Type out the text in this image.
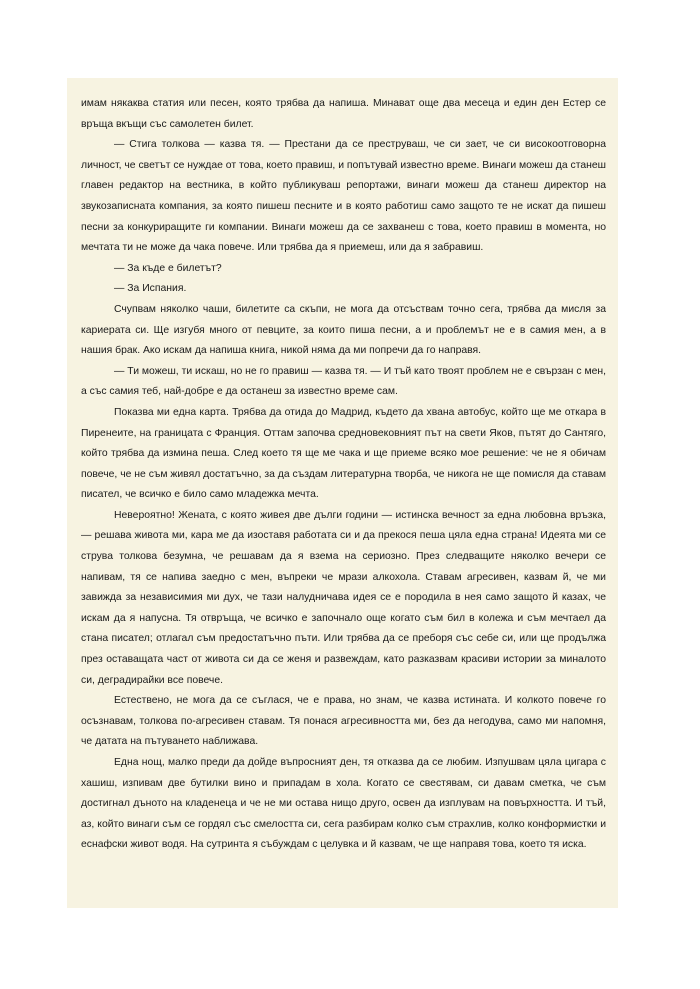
имам някаква статия или песен, която трябва да напиша. Минават още два месеца и един ден Естер се връща вкъщи със самолетен билет.

— Стига толкова — казва тя. — Престани да се преструваш, че си зает, че си високоотговорна личност, че светът се нуждае от това, което правиш, и попътувай известно време. Винаги можеш да станеш главен редактор на вестника, в който публикуваш репортажи, винаги можеш да станеш директор на звукозаписната компания, за която пишеш песните и в която работиш само защото те не искат да пишеш песни за конкуриращите ги компании. Винаги можеш да се захванеш с това, което правиш в момента, но мечтата ти не може да чака повече. Или трябва да я приемеш, или да я забравиш.

— За къде е билетът?

— За Испания.

Счупвам няколко чаши, билетите са скъпи, не мога да отсъствам точно сега, трябва да мисля за кариерата си. Ще изгубя много от певците, за които пиша песни, а и проблемът не е в самия мен, а в нашия брак. Ако искам да напиша книга, никой няма да ми попречи да го направя.

— Ти можеш, ти искаш, но не го правиш — казва тя. — И тъй като твоят проблем не е свързан с мен, а със самия теб, най-добре е да останеш за известно време сам.

Показва ми една карта. Трябва да отида до Мадрид, където да хвана автобус, който ще ме откара в Пиренеите, на границата с Франция. Оттам започва средновековният път на свети Яков, пътят до Сантяго, който трябва да измина пеша. След което тя ще ме чака и ще приеме всяко мое решение: че не я обичам повече, че не съм живял достатъчно, за да създам литературна творба, че никога не ще помисля да ставам писател, че всичко е било само младежка мечта.

Невероятно! Жената, с която живея две дълги години — истинска вечност за една любовна връзка, — решава живота ми, кара ме да изоставя работата си и да прекося пеша цяла една страна! Идеята ми се струва толкова безумна, че решавам да я взема на сериозно. През следващите няколко вечери се напивам, тя се напива заедно с мен, въпреки че мрази алкохола. Ставам агресивен, казвам й, че ми завижда за независимия ми дух, че тази налудничава идея се е породила в нея само защото й казах, че искам да я напусна. Тя отвръща, че всичко е започнало още когато съм бил в колежа и съм мечтаел да стана писател; отлагал съм предостатъчно пъти. Или трябва да се преборя със себе си, или ще продължа през оставащата част от живота си да се женя и развеждам, като разказвам красиви истории за миналото си, деградирайки все повече.

Естествено, не мога да се съглася, че е права, но знам, че казва истината. И колкото повече го осъзнавам, толкова по-агресивен ставам. Тя понася агресивността ми, без да негодува, само ми напомня, че датата на пътуването наближава.

Една нощ, малко преди да дойде въпросният ден, тя отказва да се любим. Изпушвам цяла цигара с хашиш, изпивам две бутилки вино и припадам в хола. Когато се свестявам, си давам сметка, че съм достигнал дъното на кладенеца и че не ми остава нищо друго, освен да изплувам на повърхността. И тъй, аз, който винаги съм се гордял със смелостта си, сега разбирам колко съм страхлив, колко конформистки и еснафски живот водя. На сутринта я събуждам с целувка и й казвам, че ще направя това, което тя иска.
